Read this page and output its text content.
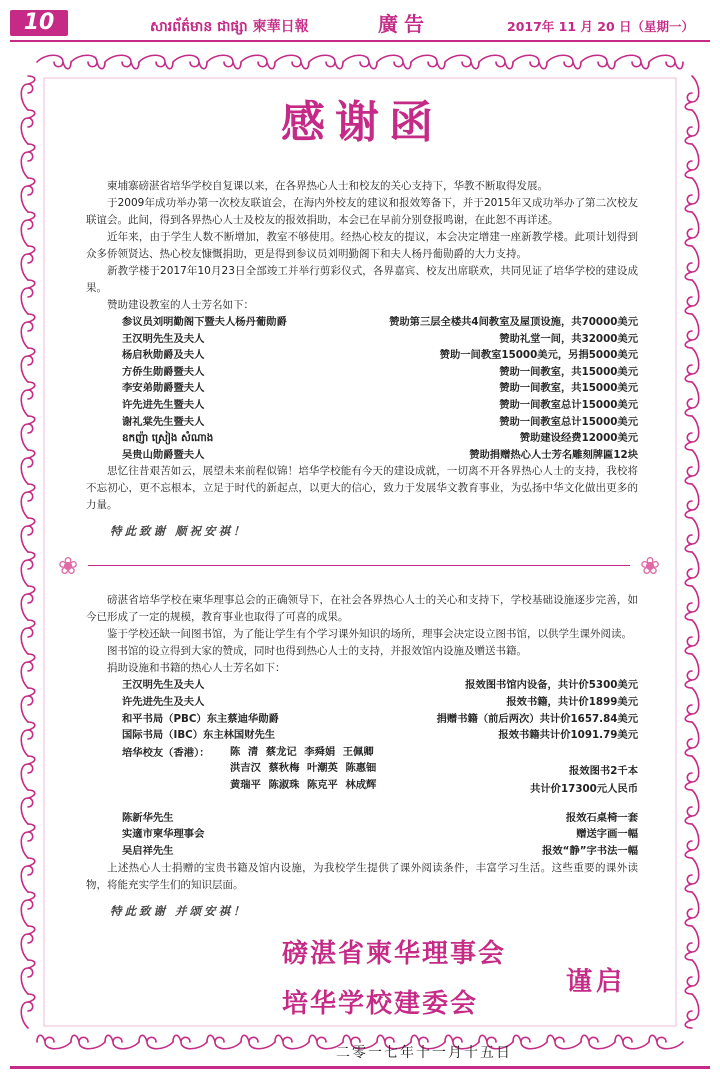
10	សារព័ត៌មាន ជាផ្សា 柬華日報	廣告	2017年 11 月 20 日（星期一）
感谢函

柬埔寨磅湛省培华学校自复课以来，在各界热心人士和校友的关心支持下，华教不断取得发展。

于2009年成功举办第一次校友联谊会，在海内外校友的建议和报效筹备下，并于2015年又成功举办了第二次校友联谊会。此间，得到各界热心人士及校友的报效捐助，本会已在早前分别登报鸣谢，在此恕不再详述。

近年来，由于学生人数不断增加，教室不够使用。经热心校友的提议，本会决定增建一座新教学楼。此项计划得到众多侨领贤达、热心校友慷慨捐助，更是得到参议员刘明勤阁下和夫人杨丹葡勋爵的大力支持。

新教学楼于2017年10月23日全部竣工并举行剪彩仪式，各界嘉宾、校友出席联欢，共同见证了培华学校的建设成果。

赞助建设教室的人士芳名如下：

参议员刘明勤阁下暨夫人杨丹葡勋爵	赞助第三层全楼共4间教室及屋顶设施，共70000美元
王汉明先生及夫人	赞助礼堂一间，共32000美元
杨启秋勋爵及夫人	赞助一间教室15000美元，另捐5000美元
方侨生勋爵暨夫人	赞助一间教室，共15000美元
李安弟勋爵暨夫人	赞助一间教室，共15000美元
许先进先生暨夫人	赞助一间教室总计15000美元
谢礼棠先生暨夫人	赞助一间教室总计15000美元
ឧកញ៉ា ស្រៀង សំណាង	赞助建设经费12000美元
吴贵山勋爵暨夫人	赞助捐赠热心人士芳名雕刻牌匾12块

思忆往昔艰苦如云，展望未来前程似锦！培华学校能有今天的建设成就，一切离不开各界热心人士的支持，我校将不忘初心，更不忘根本，立足于时代的新起点，以更大的信心，致力于发展华文教育事业，为弘扬中华文化做出更多的力量。

特此致谢 顺祝安祺！
❀	❀

磅湛省培华学校在柬华理事总会的正确领导下，在社会各界热心人士的关心和支持下，学校基础设施逐步完善，如今已形成了一定的规模，教育事业也取得了可喜的成果。

鉴于学校还缺一间图书馆，为了能让学生有个学习课外知识的场所，理事会决定设立图书馆，以供学生课外阅读。

图书馆的设立得到大家的赞成，同时也得到热心人士的支持，并报效馆内设施及赠送书籍。

捐助设施和书籍的热心人士芳名如下：

王汉明先生及夫人	报效图书馆内设备，共计价5300美元
许先进先生及夫人	报效书籍，共计价1899美元
和平书局（PBC）东主蔡迪华勋爵	捐赠书籍（前后两次）共计价1657.84美元
国际书局（IBC）东主林国财先生	报效书籍共计价1091.79美元
培华校友（香港）： 陈 清 蔡龙记 李舜娟 王佩卿
洪吉汉 蔡秋梅 叶潮英 陈惠钿
黄瑞平 陈淑珠 陈克平 林成辉
报效图书2千本
共计价17300元人民币
陈新华先生	报效石桌椅一套
实適市柬华理事会	赠送字画一幅
吴启祥先生	报效“静”字书法一幅

上述热心人士捐赠的宝贵书籍及馆内设施，为我校学生提供了课外阅读条件，丰富学习生活。这些重要的课外读物，将能充实学生们的知识层面。

特此致谢 并颂安祺！
磅湛省柬华理事会
培华学校建委会
谨启
二零一七年十一月十五日
